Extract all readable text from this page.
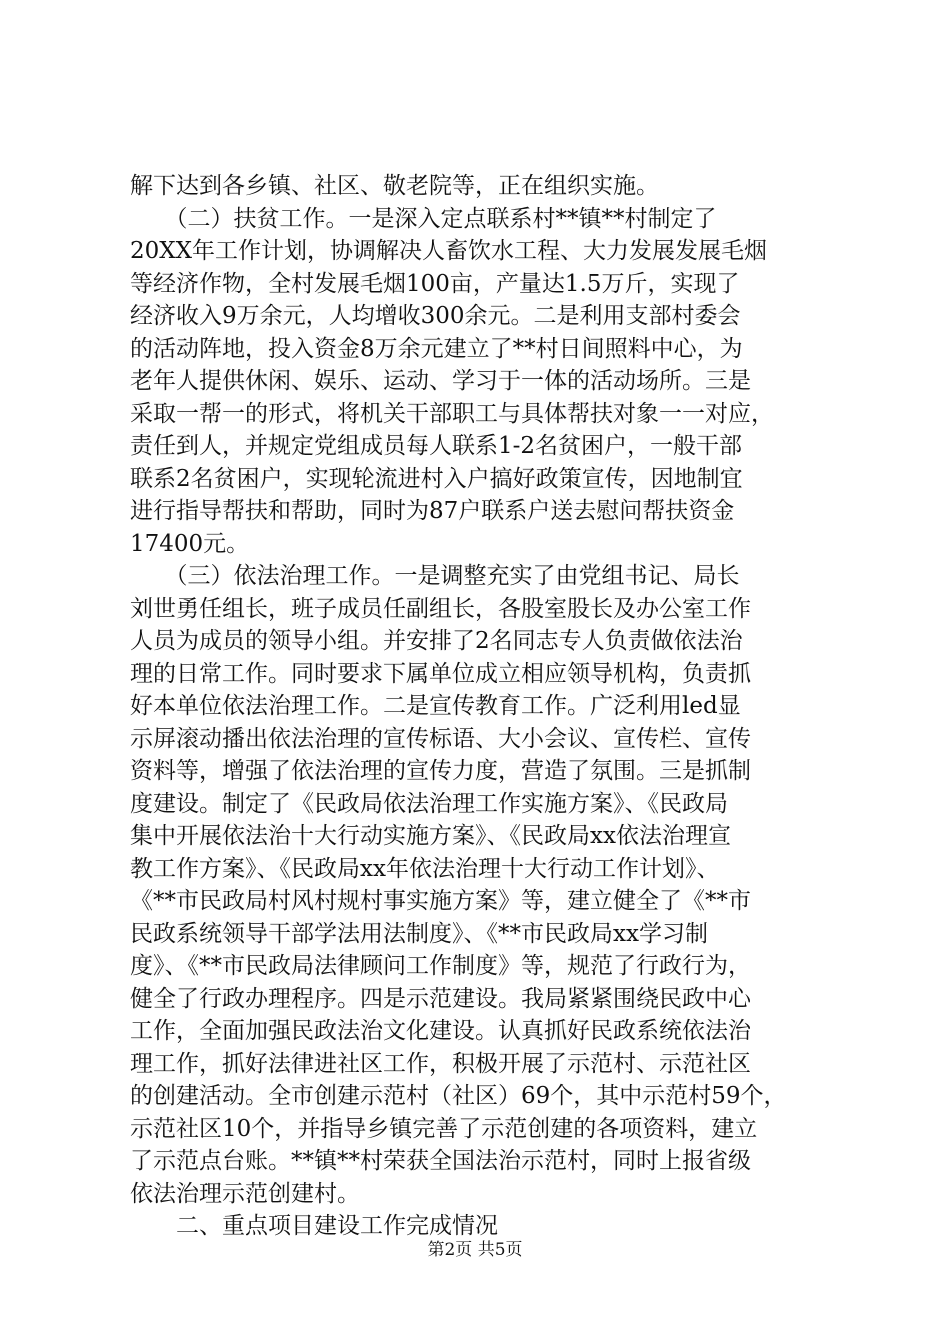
解下达到各乡镇、社区、敬老院等，正在组织实施。
　　（二）扶贫工作。一是深入定点联系村**镇**村制定了
20XX年工作计划，协调解决人畜饮水工程、大力发展发展毛烟
等经济作物，全村发展毛烟100亩，产量达1.5万斤，实现了
经济收入9万余元，人均增收300余元。二是利用支部村委会
的活动阵地，投入资金8万余元建立了**村日间照料中心，为
老年人提供休闲、娱乐、运动、学习于一体的活动场所。三是
采取一帮一的形式，将机关干部职工与具体帮扶对象一一对应，
责任到人，并规定党组成员每人联系1-2名贫困户，一般干部
联系2名贫困户，实现轮流进村入户搞好政策宣传，因地制宜
进行指导帮扶和帮助，同时为87户联系户送去慰问帮扶资金
17400元。
　　（三）依法治理工作。一是调整充实了由党组书记、局长
刘世勇任组长，班子成员任副组长，各股室股长及办公室工作
人员为成员的领导小组。并安排了2名同志专人负责做依法治
理的日常工作。同时要求下属单位成立相应领导机构，负责抓
好本单位依法治理工作。二是宣传教育工作。广泛利用led显
示屏滚动播出依法治理的宣传标语、大小会议、宣传栏、宣传
资料等，增强了依法治理的宣传力度，营造了氛围。三是抓制
度建设。制定了《民政局依法治理工作实施方案》、《民政局
集中开展依法治十大行动实施方案》、《民政局xx依法治理宣
教工作方案》、《民政局xx年依法治理十大行动工作计划》、
《**市民政局村风村规村事实施方案》等，建立健全了《**市
民政系统领导干部学法用法制度》、《**市民政局xx学习制
度》、《**市民政局法律顾问工作制度》等，规范了行政行为，
健全了行政办理程序。四是示范建设。我局紧紧围绕民政中心
工作，全面加强民政法治文化建设。认真抓好民政系统依法治
理工作，抓好法律进社区工作，积极开展了示范村、示范社区
的创建活动。全市创建示范村（社区）69个，其中示范村59个，
示范社区10个，并指导乡镇完善了示范创建的各项资料，建立
了示范点台账。**镇**村荣获全国法治示范村，同时上报省级
依法治理示范创建村。
　　二、重点项目建设工作完成情况
第2页 共5页
